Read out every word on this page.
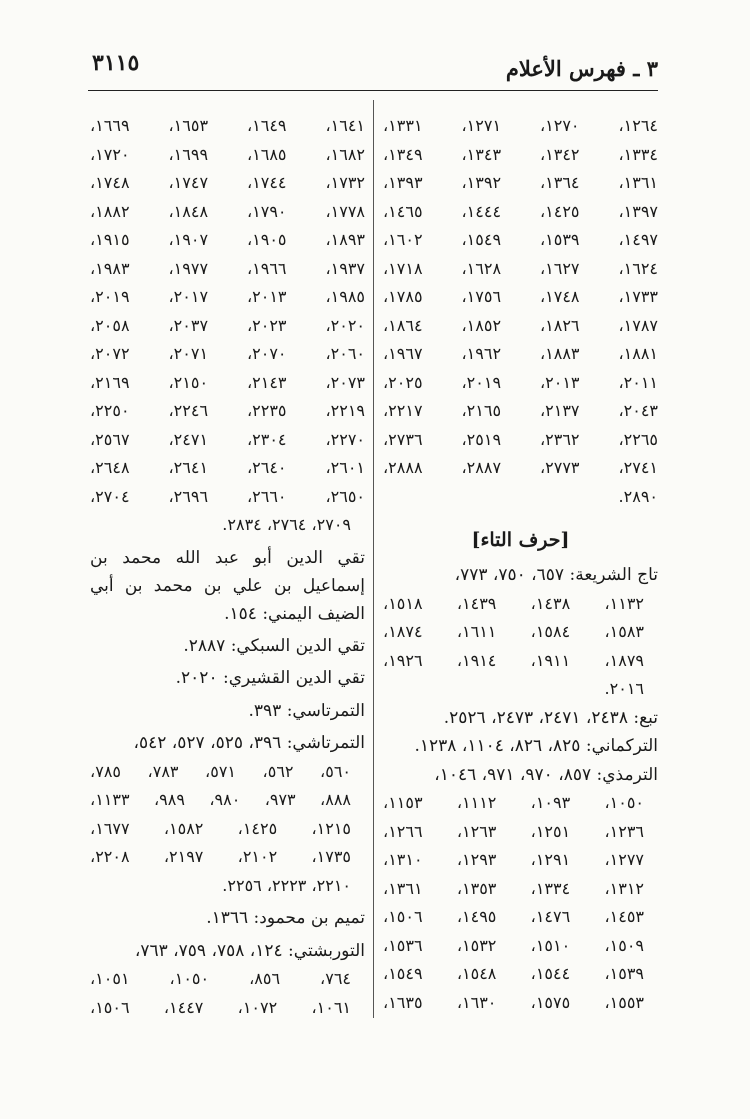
٣ ـ فهرس الأعلام
٣١١٥
١٢٦٤،
١٢٧٠،
١٢٧١،
١٣٣١،
١٣٣٤،
١٣٤٢،
١٣٤٣،
١٣٤٩،
١٣٦١،
١٣٦٤،
١٣٩٢،
١٣٩٣،
١٣٩٧،
١٤٢٥،
١٤٤٤،
١٤٦٥،
١٤٩٧،
١٥٣٩،
١٥٤٩،
١٦٠٢،
١٦٢٤،
١٦٢٧،
١٦٢٨،
١٧١٨،
١٧٣٣،
١٧٤٨،
١٧٥٦،
١٧٨٥،
١٧٨٧،
١٨٢٦،
١٨٥٢،
١٨٦٤،
١٨٨١،
١٨٨٣،
١٩٦٢،
١٩٦٧،
٢٠١١،
٢٠١٣،
٢٠١٩،
٢٠٢٥،
٢٠٤٣،
٢١٣٧،
٢١٦٥،
٢٢١٧،
٢٢٦٥،
٢٣٦٢،
٢٥١٩،
٢٧٣٦،
٢٧٤١،
٢٧٧٣،
٢٨٨٧،
٢٨٨٨،
٢٨٩٠.
[حرف التاء]
تاج الشريعة: ٦٥٧، ٧٥٠، ٧٧٣،
١١٣٢،
١٤٣٨،
١٤٣٩،
١٥١٨،
١٥٨٣،
١٥٨٤،
١٦١١،
١٨٧٤،
١٨٧٩،
١٩١١،
١٩١٤،
١٩٢٦،
٢٠١٦.
تبع: ٢٤٣٨، ٢٤٧١، ٢٤٧٣، ٢٥٢٦.
التركماني: ٨٢٥، ٨٢٦، ١١٠٤، ١٢٣٨.
الترمذي: ٨٥٧، ٩٧٠، ٩٧١، ١٠٤٦،
١٠٥٠،
١٠٩٣،
١١١٢،
١١٥٣،
١٢٣٦،
١٢٥١،
١٢٦٣،
١٢٦٦،
١٢٧٧،
١٢٩١،
١٢٩٣،
١٣١٠،
١٣١٢،
١٣٣٤،
١٣٥٣،
١٣٦١،
١٤٥٣،
١٤٧٦،
١٤٩٥،
١٥٠٦،
١٥٠٩،
١٥١٠،
١٥٣٢،
١٥٣٦،
١٥٣٩،
١٥٤٤،
١٥٤٨،
١٥٤٩،
١٥٥٣،
١٥٧٥،
١٦٣٠،
١٦٣٥،
١٦٤١،
١٦٤٩،
١٦٥٣،
١٦٦٩،
١٦٨٢،
١٦٨٥،
١٦٩٩،
١٧٢٠،
١٧٣٢،
١٧٤٤،
١٧٤٧،
١٧٤٨،
١٧٧٨،
١٧٩٠،
١٨٤٨،
١٨٨٢،
١٨٩٣،
١٩٠٥،
١٩٠٧،
١٩١٥،
١٩٣٧،
١٩٦٦،
١٩٧٧،
١٩٨٣،
١٩٨٥،
٢٠١٣،
٢٠١٧،
٢٠١٩،
٢٠٢٠،
٢٠٢٣،
٢٠٣٧،
٢٠٥٨،
٢٠٦٠،
٢٠٧٠،
٢٠٧١،
٢٠٧٢،
٢٠٧٣،
٢١٤٣،
٢١٥٠،
٢١٦٩،
٢٢١٩،
٢٢٣٥،
٢٢٤٦،
٢٢٥٠،
٢٢٧٠،
٢٣٠٤،
٢٤٧١،
٢٥٦٧،
٢٦٠١،
٢٦٤٠،
٢٦٤١،
٢٦٤٨،
٢٦٥٠،
٢٦٦٠،
٢٦٩٦،
٢٧٠٤،
٢٧٠٩، ٢٧٦٤، ٢٨٣٤.
تقي الدين أبو عبد الله محمد بن إسماعيل بن علي بن محمد بن أبي الضيف اليمني: ١٥٤.
تقي الدين السبكي: ٢٨٨٧.
تقي الدين القشيري: ٢٠٢٠.
التمرتاسي: ٣٩٣.
التمرتاشي: ٣٩٦، ٥٢٥، ٥٢٧، ٥٤٢،
٥٦٠،
٥٦٢،
٥٧١،
٧٨٣،
٧٨٥،
٨٨٨،
٩٧٣،
٩٨٠،
٩٨٩،
١١٣٣،
١٢١٥،
١٤٢٥،
١٥٨٢،
١٦٧٧،
١٧٣٥،
٢١٠٢،
٢١٩٧،
٢٢٠٨،
٢٢١٠، ٢٢٢٣، ٢٢٥٦.
تميم بن محمود: ١٣٦٦.
التوربشتي: ١٢٤، ٧٥٨، ٧٥٩، ٧٦٣،
٧٦٤،
٨٥٦،
١٠٥٠،
١٠٥١،
١٠٦١،
١٠٧٢،
١٤٤٧،
١٥٠٦،
